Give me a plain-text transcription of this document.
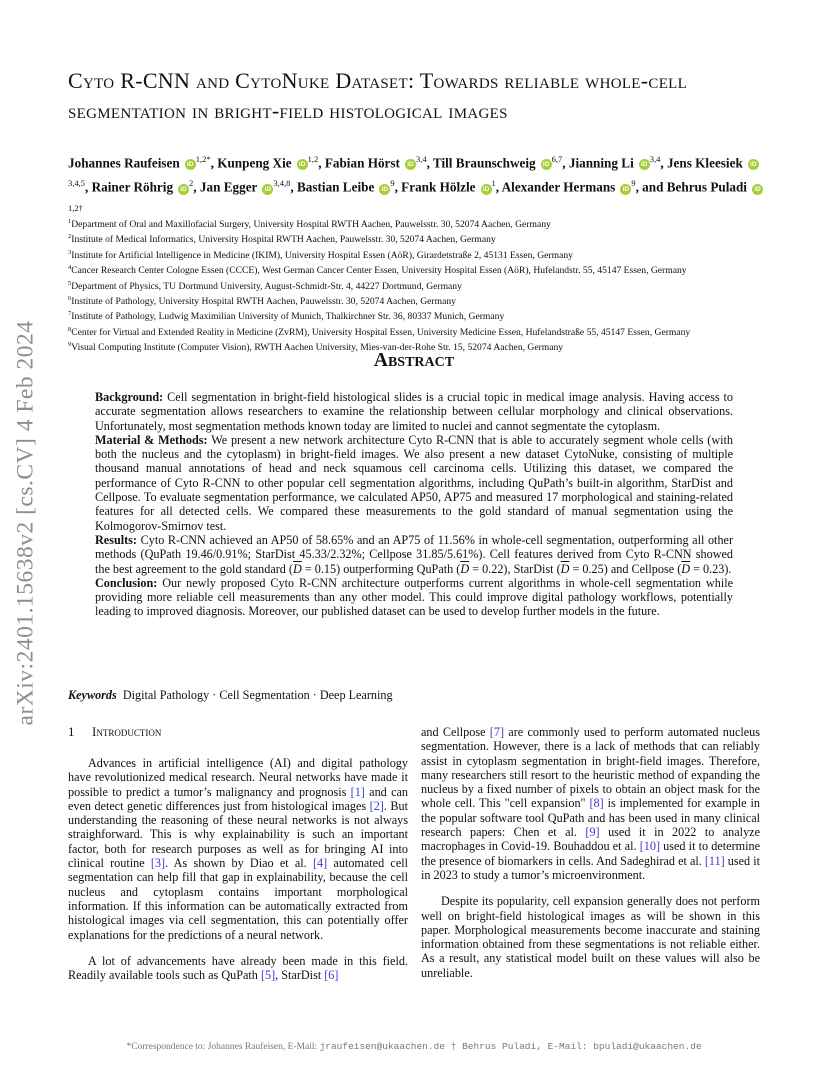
arXiv:2401.15638v2 [cs.CV] 4 Feb 2024
Cyto R-CNN and CytoNuke Dataset: Towards reliable whole-cell
segmentation in bright-field histological images
Johannes Raufeisen $iD^{1,2*}$, Kunpeng Xie iD$^{1,2}$, Fabian Hörst iD$^{3,4}$, Till Braunschweig iD$^{6,7}$, Jianning Li iD$^{3,4}$, Jens Kleesiek iD$^{3,4,5}$, Rainer Röhrig $iD^2$, Jan Egger iD$^{3,4,8}$, Bastian Leibe $iD^9$, Frank Hölzle $iD^1$, Alexander Hermans $iD^9$, and Behrus Puladi $iD^{1,2\dagger}$
$^1$Department of Oral and Maxillofacial Surgery, University Hospital RWTH Aachen, Pauwelsstr. 30, 52074 Aachen, Germany
$^2$Institute of Medical Informatics, University Hospital RWTH Aachen, Pauwelsstr. 30, 52074 Aachen, Germany
$^3$Institute for Artificial Intelligence in Medicine (IKIM), University Hospital Essen (AöR), Girardetstraße 2, 45131 Essen, Germany
$^4$Cancer Research Center Cologne Essen (CCCE), West German Cancer Center Essen, University Hospital Essen (AöR), Hufelandstr. 55, 45147 Essen, Germany
$^5$Department of Physics, TU Dortmund University, August-Schmidt-Str. 4, 44227 Dortmund, Germany
$^6$Institute of Pathology, University Hospital RWTH Aachen, Pauwelsstr. 30, 52074 Aachen, Germany
$^7$Institute of Pathology, Ludwig Maximilian University of Munich, Thalkirchner Str. 36, 80337 Munich, Germany
$^8$Center for Virtual and Extended Reality in Medicine (ZvRM), University Hospital Essen, University Medicine Essen, Hufelandstraße 55, 45147 Essen, Germany
$^9$Visual Computing Institute (Computer Vision), RWTH Aachen University, Mies-van-der-Rohe Str. 15, 52074 Aachen, Germany
Abstract

Background: Cell segmentation in bright-field histological slides is a crucial topic in medical image analysis. Having access to accurate segmentation allows researchers to examine the relationship between cellular morphology and clinical observations. Unfortunately, most segmentation methods known today are limited to nuclei and cannot segmentate the cytoplasm.

Material & Methods: We present a new network architecture Cyto R-CNN that is able to accurately segment whole cells (with both the nucleus and the cytoplasm) in bright-field images. We also present a new dataset CytoNuke, consisting of multiple thousand manual annotations of head and neck squamous cell carcinoma cells. Utilizing this dataset, we compared the performance of Cyto R-CNN to other popular cell segmentation algorithms, including QuPath’s built-in algorithm, StarDist and Cellpose. To evaluate segmentation performance, we calculated AP50, AP75 and measured 17 morphological and staining-related features for all detected cells. We compared these measurements to the gold standard of manual segmentation using the Kolmogorov-Smirnov test.

Results: Cyto R-CNN achieved an AP50 of 58.65% and an AP75 of 11.56% in whole-cell segmentation, outperforming all other methods (QuPath 19.46/0.91%; StarDist 45.33/2.32%; Cellpose 31.85/5.61%). Cell features derived from Cyto R-CNN showed the best agreement to the gold standard $(\overline{D} = 0.15)$ outperforming QuPath $(\overline{D} = 0.22)$, StarDist $(\overline{D} = 0.25)$ and Cellpose $(\overline{D} = 0.23)$.

Conclusion: Our newly proposed Cyto R-CNN architecture outperforms current algorithms in whole-cell segmentation while providing more reliable cell measurements than any other model. This could improve digital pathology workflows, potentially leading to improved diagnosis. Moreover, our published dataset can be used to develop further models in the future.

Keywords Digital Pathology · Cell Segmentation · Deep Learning
1 Introduction

Advances in artificial intelligence (AI) and digital pathology have revolutionized medical research. Neural networks have made it possible to predict a tumor’s malignancy and prognosis [1] and can even detect genetic differences just from histological images [2]. But understanding the reasoning of these neural networks is not always straighforward. This is why explainability is such an important factor, both for research purposes as well as for bringing AI into clinical routine [3]. As shown by Diao et al. [4] automated cell segmentation can help fill that gap in explainability, because the cell nucleus and cytoplasm contains important morphological information. If this information can be automatically extracted from histological images via cell segmentation, this can potentially offer explanations for the predictions of a neural network.

A lot of advancements have already been made in this field. Readily available tools such as QuPath [5], StarDist [6]

and Cellpose [7] are commonly used to perform automated nucleus segmentation. However, there is a lack of methods that can reliably assist in cytoplasm segmentation in bright-field images. Therefore, many researchers still resort to the heuristic method of expanding the nucleus by a fixed number of pixels to obtain an object mask for the whole cell. This "cell expansion" [8] is implemented for example in the popular software tool QuPath and has been used in many clinical research papers: Chen et al. [9] used it in 2022 to analyze macrophages in Covid-19. Bouhaddou et al. [10] used it to determine the presence of biomarkers in cells. And Sadeghirad et al. [11] used it in 2023 to study a tumor’s microenvironment.

Despite its popularity, cell expansion generally does not perform well on bright-field histological images as will be shown in this paper. Morphological measurements become inaccurate and staining information obtained from these segmentations is not reliable either. As a result, any statistical model built on these values will also be unreliable.

*Correspondence to: Johannes Raufeisen, E-Mail: jraufeisen@ukaachen.de † Behrus Puladi, E-Mail: bpuladi@ukaachen.de
